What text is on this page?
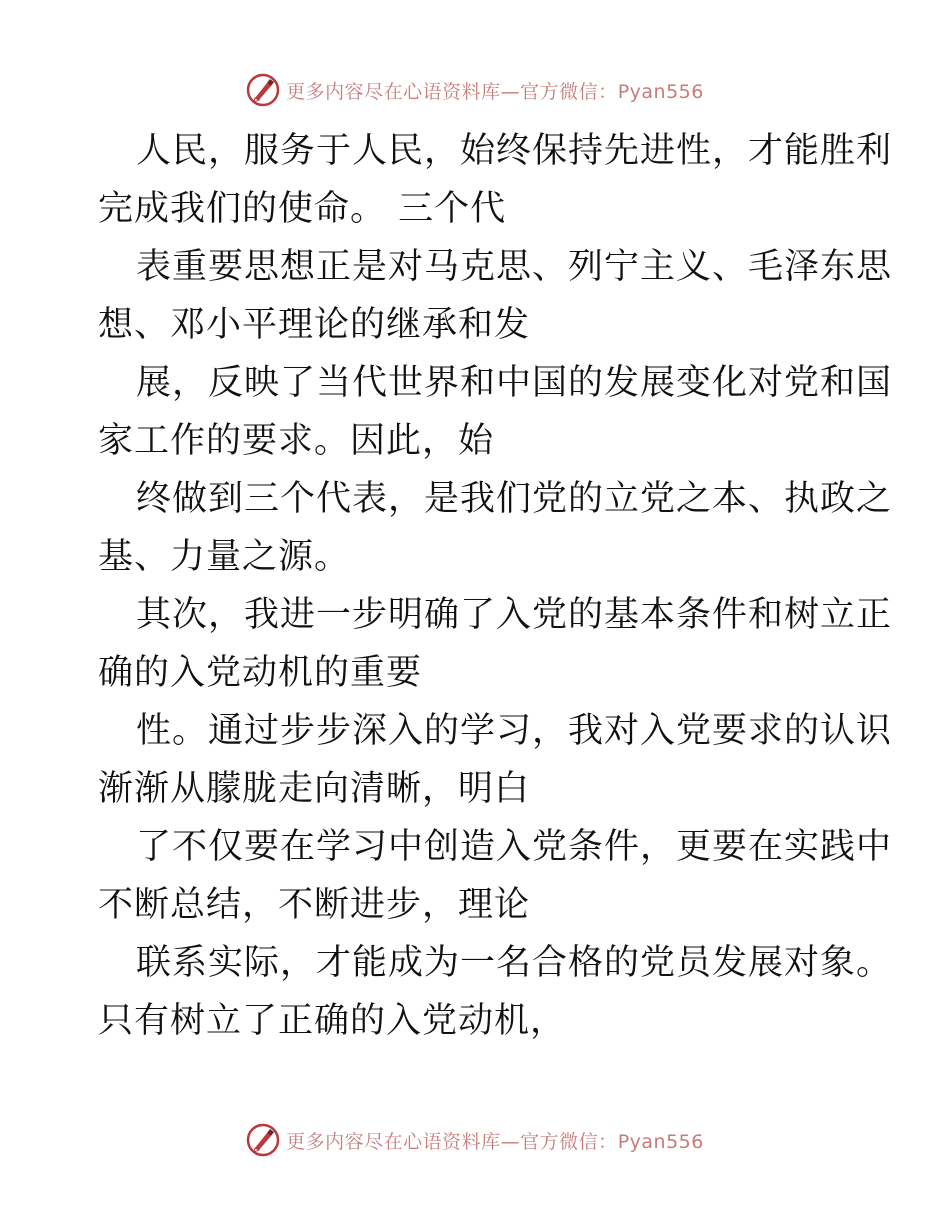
更多内容尽在心语资料库—官方微信：Pyan556

人民，服务于人民，始终保持先进性，才能胜利
完成我们的使命。 三个代

表重要思想正是对马克思、列宁主义、毛泽东思
想、邓小平理论的继承和发

展，反映了当代世界和中国的发展变化对党和国
家工作的要求。因此，始

终做到三个代表，是我们党的立党之本、执政之
基、力量之源。

其次，我进一步明确了入党的基本条件和树立正
确的入党动机的重要

性。通过步步深入的学习，我对入党要求的认识
渐渐从朦胧走向清晰，明白

了不仅要在学习中创造入党条件，更要在实践中
不断总结，不断进步，理论

联系实际，才能成为一名合格的党员发展对象。
只有树立了正确的入党动机，

更多内容尽在心语资料库—官方微信：Pyan556
